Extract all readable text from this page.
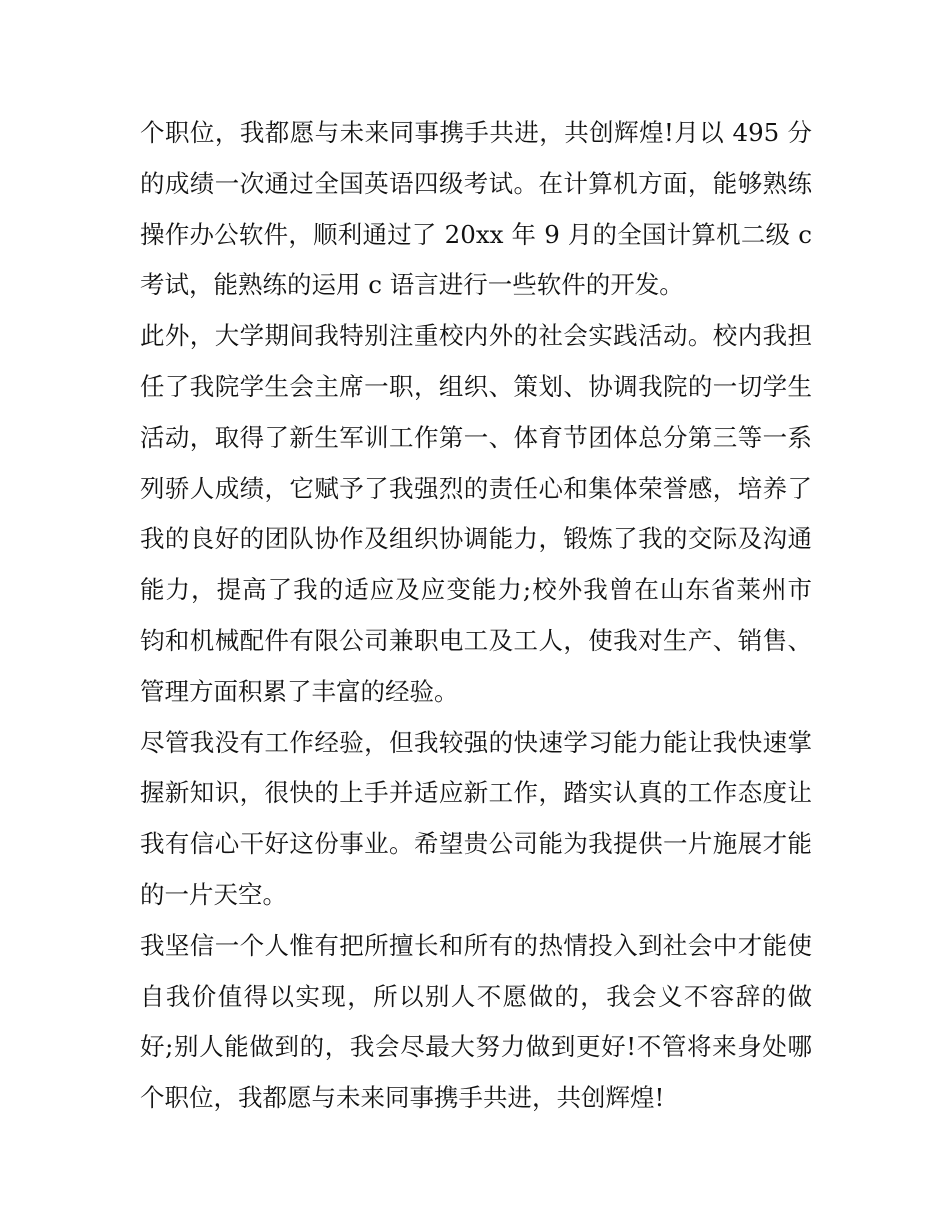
个职位，我都愿与未来同事携手共进，共创辉煌!月以 495 分
的成绩一次通过全国英语四级考试。在计算机方面，能够熟练
操作办公软件，顺利通过了 20xx 年 9 月的全国计算机二级 c
考试，能熟练的运用 c 语言进行一些软件的开发。
此外，大学期间我特别注重校内外的社会实践活动。校内我担
任了我院学生会主席一职，组织、策划、协调我院的一切学生
活动，取得了新生军训工作第一、体育节团体总分第三等一系
列骄人成绩，它赋予了我强烈的责任心和集体荣誉感，培养了
我的良好的团队协作及组织协调能力，锻炼了我的交际及沟通
能力，提高了我的适应及应变能力;校外我曾在山东省莱州市
钧和机械配件有限公司兼职电工及工人，使我对生产、销售、
管理方面积累了丰富的经验。
尽管我没有工作经验，但我较强的快速学习能力能让我快速掌
握新知识，很快的上手并适应新工作，踏实认真的工作态度让
我有信心干好这份事业。希望贵公司能为我提供一片施展才能
的一片天空。
我坚信一个人惟有把所擅长和所有的热情投入到社会中才能使
自我价值得以实现，所以别人不愿做的，我会义不容辞的做
好;别人能做到的，我会尽最大努力做到更好!不管将来身处哪
个职位，我都愿与未来同事携手共进，共创辉煌!
